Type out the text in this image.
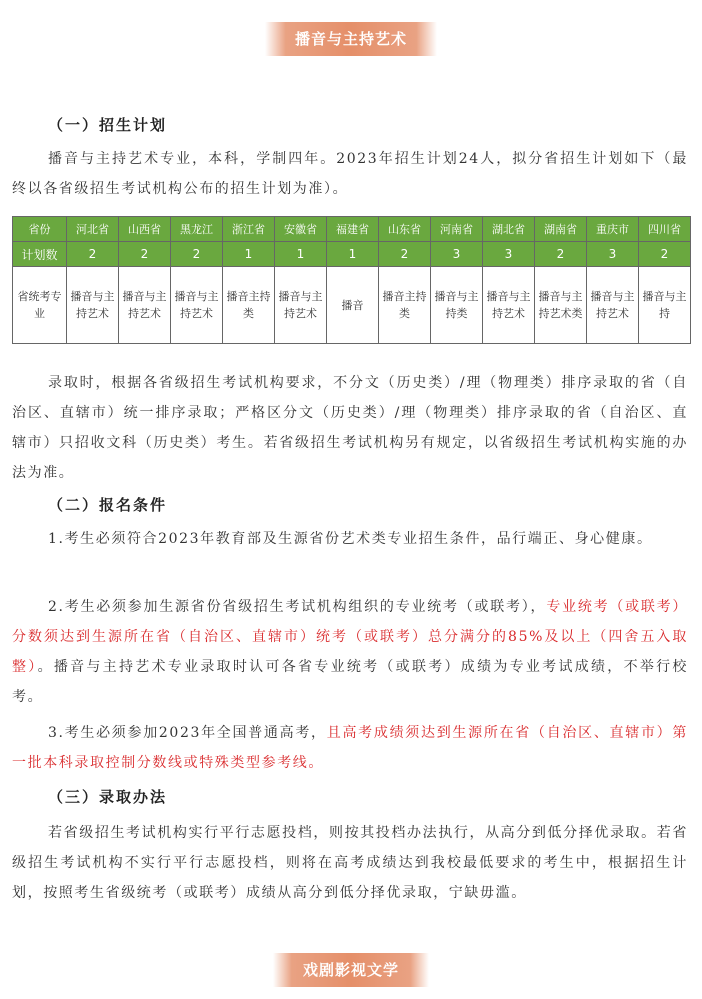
播音与主持艺术
（一）招生计划
播音与主持艺术专业，本科，学制四年。2023年招生计划24人，拟分省招生计划如下（最终以各省级招生考试机构公布的招生计划为准）。
省份	河北省	山西省	黑龙江	浙江省	安徽省	福建省	山东省	河南省	湖北省	湖南省	重庆市	四川省
计划数	2	2	2	1	1	1	2	3	3	2	3	2
省统考专业	播音与主持艺术	播音与主持艺术	播音与主持艺术	播音主持类	播音与主持艺术	播音	播音主持类	播音与主持类	播音与主持艺术	播音与主持艺术类	播音与主持艺术	播音与主持
录取时，根据各省级招生考试机构要求，不分文（历史类）/理（物理类）排序录取的省（自治区、直辖市）统一排序录取；严格区分文（历史类）/理（物理类）排序录取的省（自治区、直辖市）只招收文科（历史类）考生。若省级招生考试机构另有规定，以省级招生考试机构实施的办法为准。
（二）报名条件
1.考生必须符合2023年教育部及生源省份艺术类专业招生条件，品行端正、身心健康。
2.考生必须参加生源省份省级招生考试机构组织的专业统考（或联考），专业统考（或联考）分数须达到生源所在省（自治区、直辖市）统考（或联考）总分满分的85%及以上（四舍五入取整）。播音与主持艺术专业录取时认可各省专业统考（或联考）成绩为专业考试成绩，不举行校考。
3.考生必须参加2023年全国普通高考，且高考成绩须达到生源所在省（自治区、直辖市）第一批本科录取控制分数线或特殊类型参考线。
（三）录取办法
若省级招生考试机构实行平行志愿投档，则按其投档办法执行，从高分到低分择优录取。若省级招生考试机构不实行平行志愿投档，则将在高考成绩达到我校最低要求的考生中，根据招生计划，按照考生省级统考（或联考）成绩从高分到低分择优录取，宁缺毋滥。
戏剧影视文学
